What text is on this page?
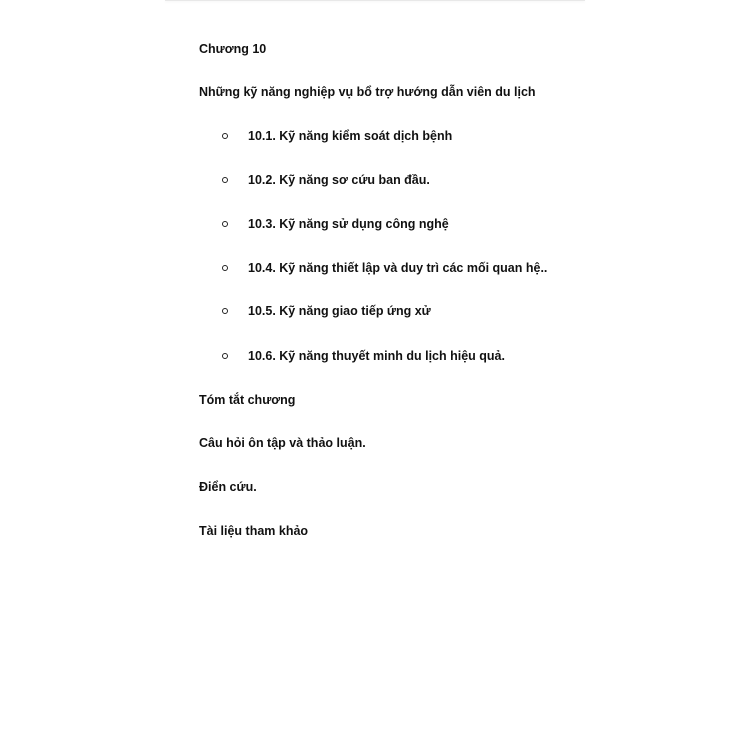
Chương 10
Những kỹ năng nghiệp vụ bổ trợ hướng dẫn viên du lịch
10.1. Kỹ năng kiểm soát dịch bệnh
10.2. Kỹ năng sơ cứu ban đầu.
10.3. Kỹ năng sử dụng công nghệ
10.4. Kỹ năng thiết lập và duy trì các mối quan hệ..
10.5. Kỹ năng giao tiếp ứng xử
10.6. Kỹ năng thuyết minh du lịch hiệu quả.
Tóm tắt chương
Câu hỏi ôn tập và thảo luận.
Điển cứu.
Tài liệu tham khảo
